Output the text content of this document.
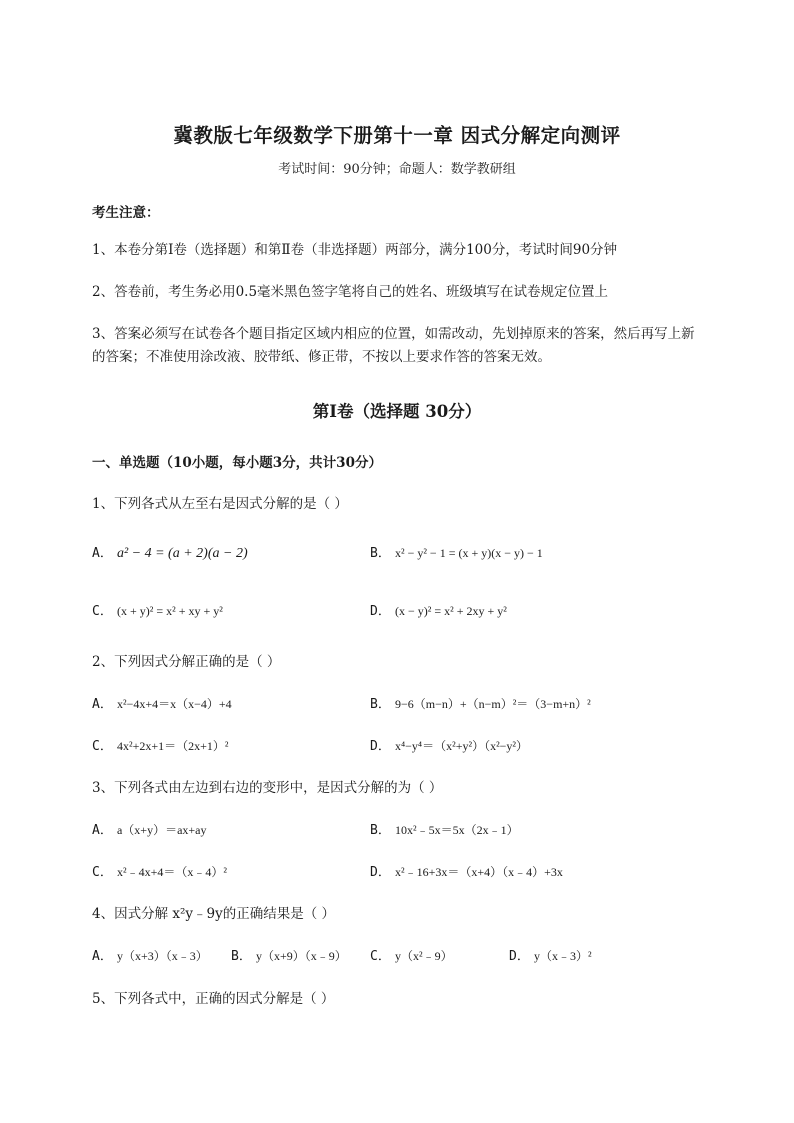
冀教版七年级数学下册第十一章 因式分解定向测评
考试时间：90分钟；命题人：数学教研组
考生注意：
1、本卷分第Ⅰ卷（选择题）和第Ⅱ卷（非选择题）两部分，满分100分，考试时间90分钟
2、答卷前，考生务必用0.5毫米黑色签字笔将自己的姓名、班级填写在试卷规定位置上
3、答案必须写在试卷各个题目指定区域内相应的位置，如需改动，先划掉原来的答案，然后再写上新
的答案；不准使用涂改液、胶带纸、修正带，不按以上要求作答的答案无效。
第Ⅰ卷（选择题 30分）
一、单选题（10小题，每小题3分，共计30分）
1、下列各式从左至右是因式分解的是（ ）
A． a² − 4 = (a + 2)(a − 2)	B． x² − y² − 1 = (x + y)(x − y) − 1
C． (x + y)² = x² + xy + y²	D． (x − y)² = x² + 2xy + y²
2、下列因式分解正确的是（ ）
A． x²−4x+4＝x（x−4）+4	B． 9−6（m−n）+（n−m）²＝（3−m+n）²
C． 4x²+2x+1＝（2x+1）²	D． x⁴−y⁴＝（x²+y²）（x²−y²）
3、下列各式由左边到右边的变形中，是因式分解的为（ ）
A． a（x+y）＝ax+ay	B． 10x²﹣5x＝5x（2x﹣1）
C． x²﹣4x+4＝（x﹣4）²	D． x²﹣16+3x＝（x+4）（x﹣4）+3x
4、因式分解 x²y﹣9y的正确结果是（ ）
A． y（x+3）（x﹣3） B． y（x+9）（x﹣9） C． y（x²﹣9）	D． y（x﹣3）²
5、下列各式中，正确的因式分解是（ ）
